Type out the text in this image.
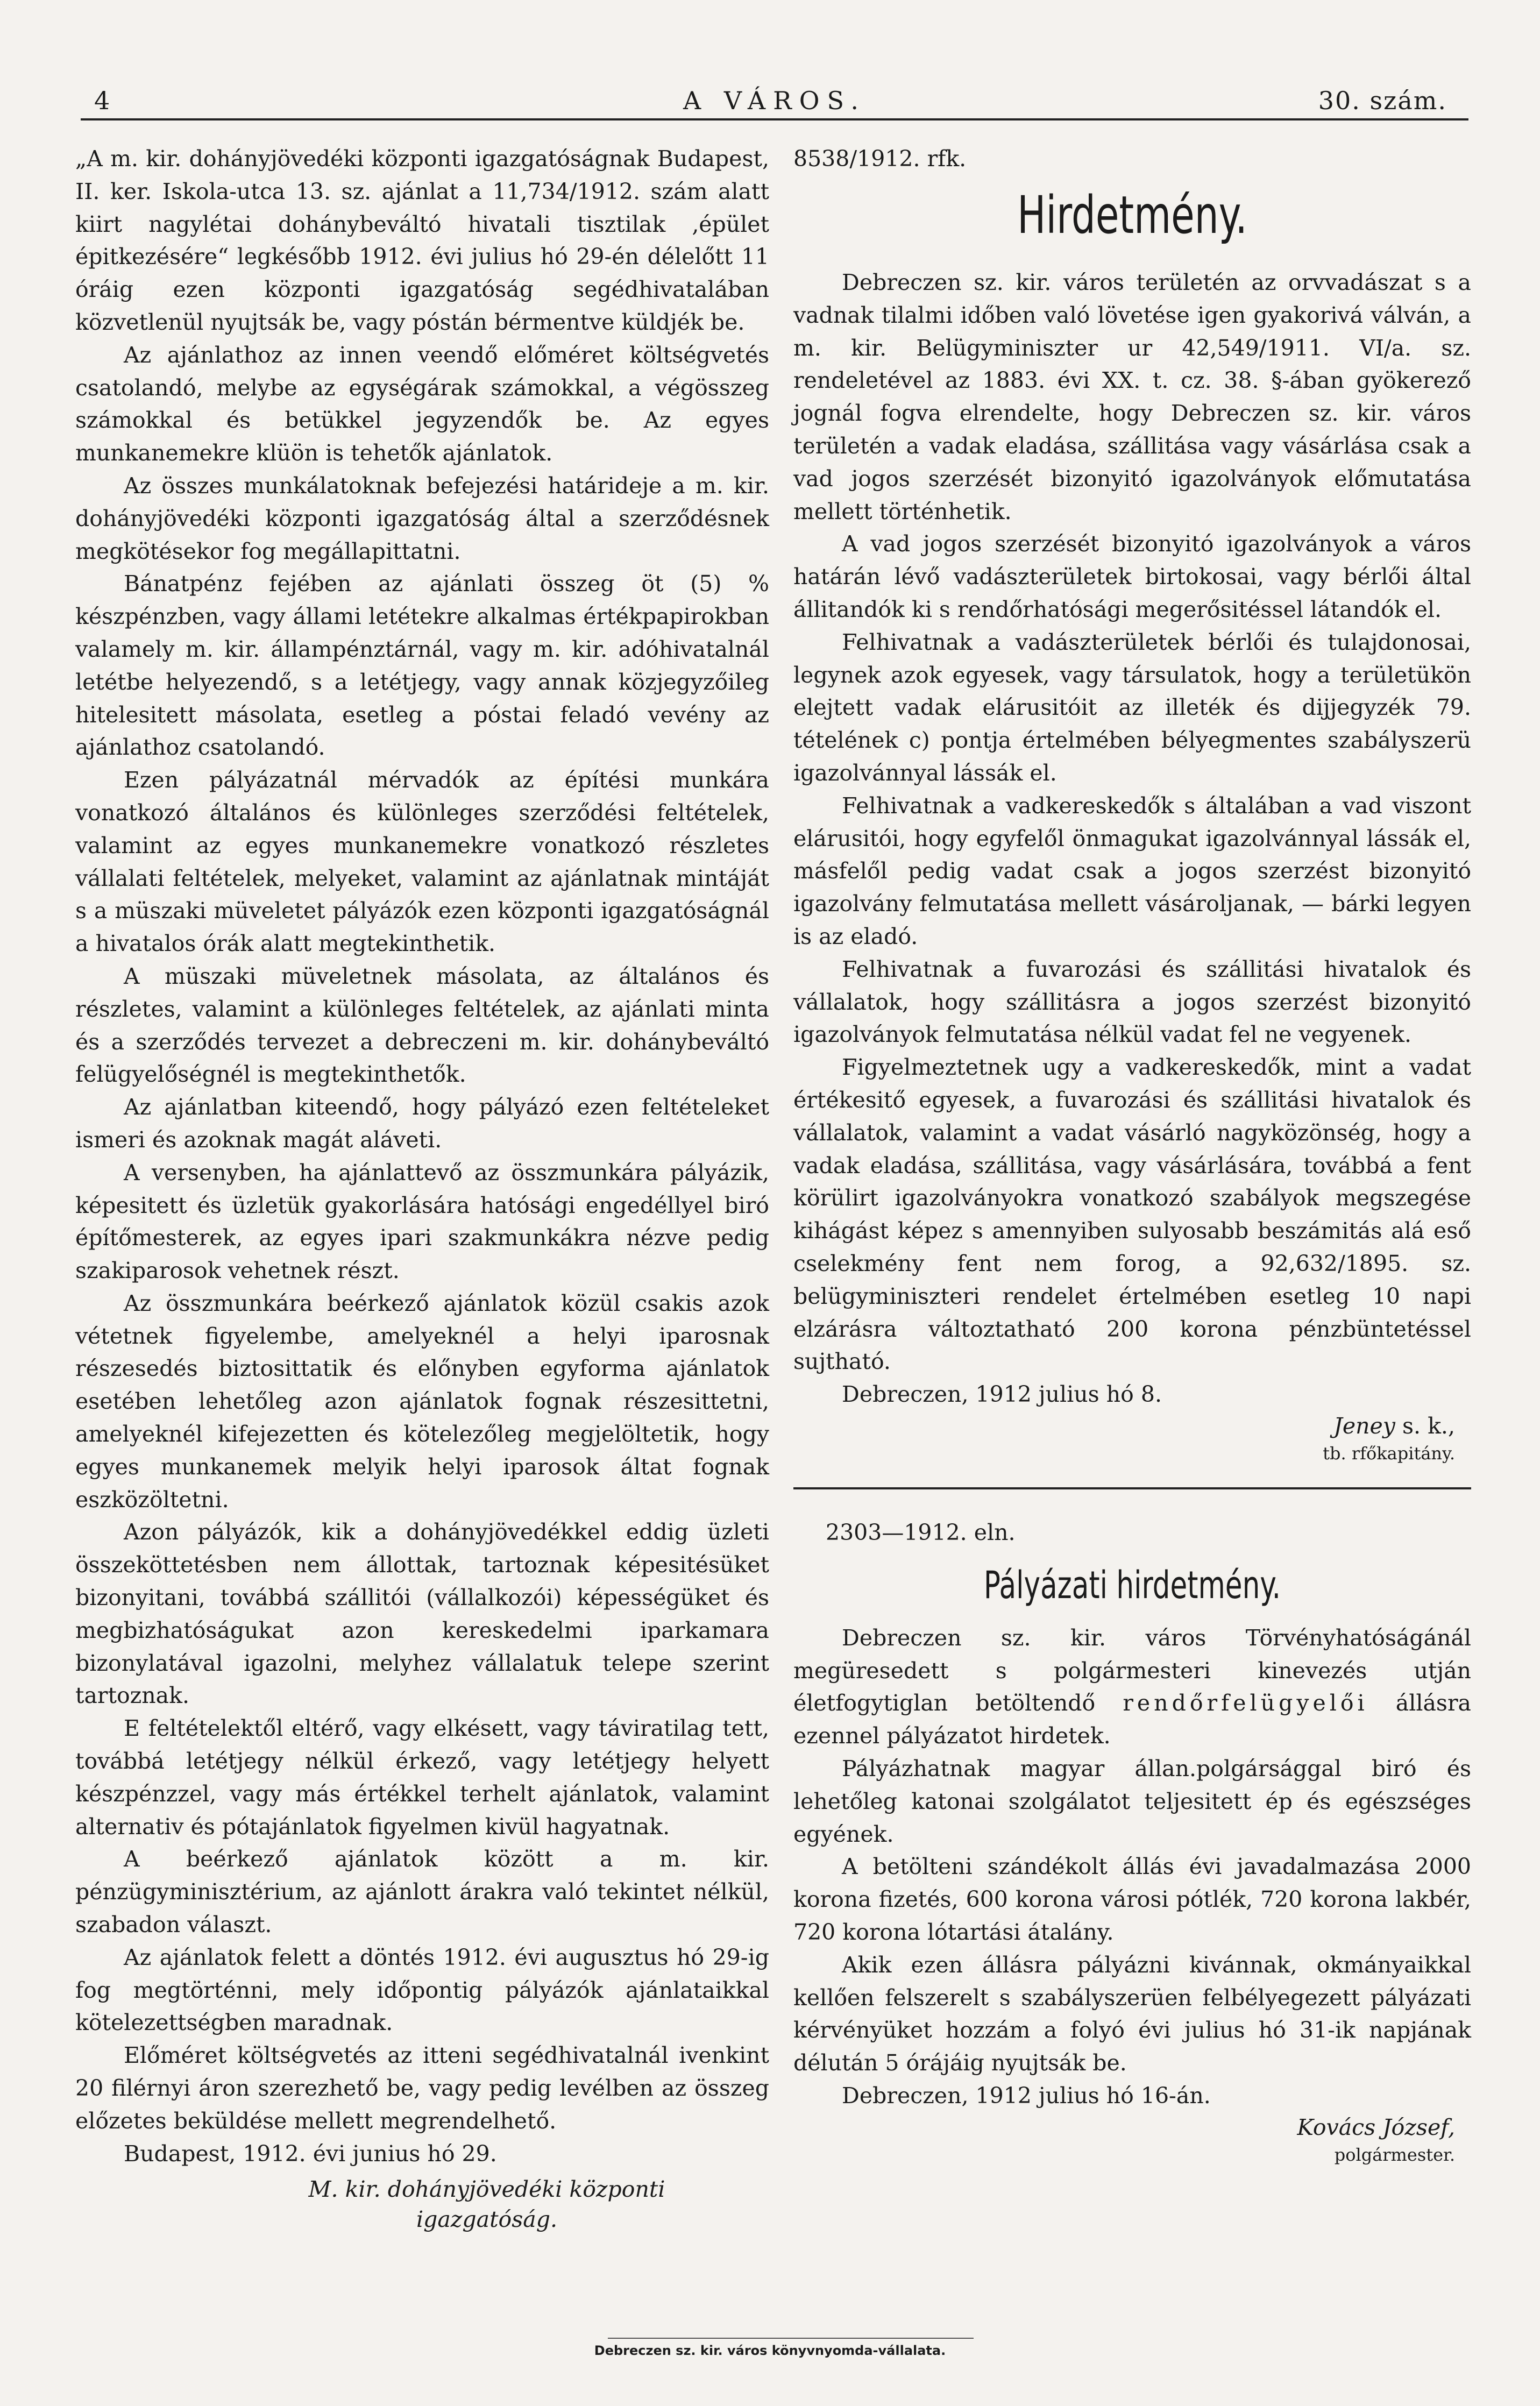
4	A VÁROS.	30. szám.

„A m. kir. dohányjövedéki központi igazgatóságnak Budapest, II. ker. Iskola-utca 13. sz. ajánlat a 11,734/1912. szám alatt kiirt nagylétai dohánybeváltó hivatali tisztilak ‚épület épitkezésére“ legkésőbb 1912. évi julius hó 29-én délelőtt 11 óráig ezen központi igazgatóság segédhivatalában közvetlenül nyujtsák be, vagy póstán bérmentve küldjék be.

Az ajánlathoz az innen veendő előméret költségvetés csatolandó, melybe az egységárak számokkal, a végösszeg számokkal és betükkel jegyzendők be. Az egyes munkanemekre klüön is tehetők ajánlatok.

Az összes munkálatoknak befejezési határideje a m. kir. dohányjövedéki központi igazgatóság által a szerződésnek megkötésekor fog megállapittatni.

Bánatpénz fejében az ajánlati összeg öt (5) % készpénzben, vagy állami letétekre alkalmas értékpapirokban valamely m. kir. állampénztárnál, vagy m. kir. adóhivatalnál letétbe helyezendő, s a letétjegy, vagy annak közjegyzőileg hitelesitett másolata, esetleg a póstai feladó vevény az ajánlathoz csatolandó.

Ezen pályázatnál mérvadók az építési munkára vonatkozó általános és különleges szerződési feltételek, valamint az egyes munkanemekre vonatkozó részletes vállalati feltételek, melyeket, valamint az ajánlatnak mintáját s a müszaki müveletet pályázók ezen központi igazgatóságnál a hivatalos órák alatt megtekinthetik.

A müszaki müveletnek másolata, az általános és részletes, valamint a különleges feltételek, az ajánlati minta és a szerződés tervezet a debreczeni m. kir. dohánybeváltó felügyelőségnél is megtekinthetők.

Az ajánlatban kiteendő, hogy pályázó ezen feltételeket ismeri és azoknak magát aláveti.

A versenyben, ha ajánlattevő az összmunkára pályázik, képesitett és üzletük gyakorlására hatósági engedéllyel biró építőmesterek, az egyes ipari szakmunkákra nézve pedig szakiparosok vehetnek részt.

Az összmunkára beérkező ajánlatok közül csakis azok vétetnek figyelembe, amelyeknél a helyi iparosnak részesedés biztosittatik és előnyben egyforma ajánlatok esetében lehetőleg azon ajánlatok fognak részesittetni, amelyeknél kifejezetten és kötelezőleg megjelöltetik, hogy egyes munkanemek melyik helyi iparosok áltat fognak eszközöltetni.

Azon pályázók, kik a dohányjövedékkel eddig üzleti összeköttetésben nem állottak, tartoznak képesitésüket bizonyitani, továbbá szállitói (vállalkozói) képességüket és megbizhatóságukat azon kereskedelmi iparkamara bizonylatával igazolni, melyhez vállalatuk telepe szerint tartoznak.

E feltételektől eltérő, vagy elkésett, vagy táviratilag tett, továbbá letétjegy nélkül érkező, vagy letétjegy helyett készpénzzel, vagy más értékkel terhelt ajánlatok, valamint alternativ és pótajánlatok figyelmen kivül hagyatnak.

A beérkező ajánlatok között a m. kir. pénzügyminisztérium, az ajánlott árakra való tekintet nélkül, szabadon választ.

Az ajánlatok felett a döntés 1912. évi augusztus hó 29-ig fog megtörténni, mely időpontig pályázók ajánlataikkal kötelezettségben maradnak.

Előméret költségvetés az itteni segédhivatalnál ivenkint 20 filérnyi áron szerezhető be, vagy pedig levélben az összeg előzetes beküldése mellett megrendelhető.

Budapest, 1912. évi junius hó 29.

M. kir. dohányjövedéki központi
igazgatóság.

8538/1912. rfk.

Hirdetmény.

Debreczen sz. kir. város területén az orvvadászat s a vadnak tilalmi időben való lövetése igen gyakorivá válván, a m. kir. Belügyminiszter ur 42,549/1911. VI/a. sz. rendeletével az 1883. évi XX. t. cz. 38. §-ában gyökerező jognál fogva elrendelte, hogy Debreczen sz. kir. város területén a vadak eladása, szállitása vagy vásárlása csak a vad jogos szerzését bizonyitó igazolványok előmutatása mellett történhetik.

A vad jogos szerzését bizonyitó igazolványok a város határán lévő vadászterületek birtokosai, vagy bérlői által állitandók ki s rendőrhatósági megerősitéssel látandók el.

Felhivatnak a vadászterületek bérlői és tulajdonosai, legynek azok egyesek, vagy társulatok, hogy a területükön elejtett vadak elárusitóit az illeték és dijjegyzék 79. tételének c) pontja értelmében bélyegmentes szabályszerü igazolvánnyal lássák el.

Felhivatnak a vadkereskedők s általában a vad viszont elárusitói, hogy egyfelől önmagukat igazolvánnyal lássák el, másfelől pedig vadat csak a jogos szerzést bizonyitó igazolvány felmutatása mellett vásároljanak, — bárki legyen is az eladó.

Felhivatnak a fuvarozási és szállitási hivatalok és vállalatok, hogy szállitásra a jogos szerzést bizonyitó igazolványok felmutatása nélkül vadat fel ne vegyenek.

Figyelmeztetnek ugy a vadkereskedők, mint a vadat értékesitő egyesek, a fuvarozási és szállitási hivatalok és vállalatok, valamint a vadat vásárló nagyközönség, hogy a vadak eladása, szállitása, vagy vásárlására, továbbá a fent körülirt igazolványokra vonatkozó szabályok megszegése kihágást képez s amennyiben sulyosabb beszámitás alá eső cselekmény fent nem forog, a 92,632/1895. sz. belügyminiszteri rendelet értelmében esetleg 10 napi elzárásra változtatható 200 korona pénzbüntetéssel sujtható.

Debreczen, 1912 julius hó 8.

Jeney s. k.,

tb. rfőkapitány.

2303—1912. eln.

Pályázati hirdetmény.

Debreczen sz. kir. város Törvényhatóságánál megüresedett s polgármesteri kinevezés utján életfogytiglan betöltendő rendőrfelügyelői állásra ezennel pályázatot hirdetek.

Pályázhatnak magyar állan.polgársággal biró és lehetőleg katonai szolgálatot teljesitett ép és egészséges egyének.

A betölteni szándékolt állás évi javadalmazása 2000 korona fizetés, 600 korona városi pótlék, 720 korona lakbér, 720 korona lótartási átalány.

Akik ezen állásra pályázni kivánnak, okmányaikkal kellően felszerelt s szabályszerüen felbélyegezett pályázati kérvényüket hozzám a folyó évi julius hó 31-ik napjának délután 5 órájáig nyujtsák be.

Debreczen, 1912 julius hó 16-án.

Kovács József,

polgármester.

Debreczen sz. kir. város könyvnyomda-vállalata.
